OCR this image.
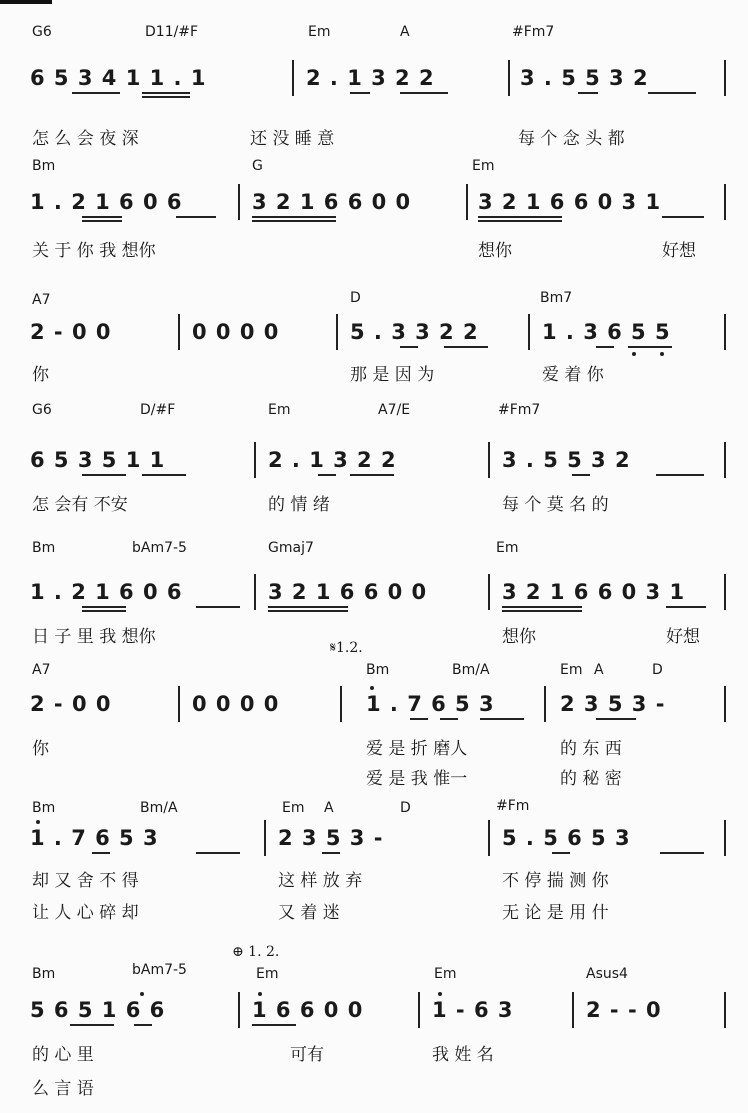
G6	D11/#F	Em	A	#Fm7
6 5 3 4 1 1 . 1	2 . 1 3 2 2	3 . 5 5 3 2
怎 么 会 夜 深	还 没 睡 意	每 个 念 头 都
Bm	G	Em
1 . 2 1 6 0 6	3 2 1 6 6 0 0	3 2 1 6 6 0 3 1
关 于 你 我 想你	想你	好想
A7	D	Bm7
2 - 0 0	0 0 0 0	5 . 3 3 2 2	1 . 3 6 5 5
你	那 是 因 为	爱 着 你
G6	D/#F	Em	A7/E	#Fm7
6 5 3 5 1 1	2 . 1 3 2 2	3 . 5 5 3 2
怎 会有 不安	的 情 绪	每 个 莫 名 的
Bm	bAm7-5	Gmaj7	Em
1 . 2 1 6 0 6	3 2 1 6 6 0 0	3 2 1 6 6 0 3 1
日 子 里 我 想你	想你	好想
𝄋1.2.
A7	Bm	Bm/A	Em A	D
2 - 0 0	0 0 0 0	1 . 7 6 5 3	2 3 5 3 -
你	爱 是 折 磨人	的 东 西
爱 是 我 惟一	的 秘 密
Bm	Bm/A	Em A	D	#Fm
1 . 7 6 5 3	2 3 5 3 -	5 . 5 6 5 3
却 又 舍 不 得	这 样 放 弃	不 停 揣 测 你
让 人 心 碎 却	又 着 迷	无 论 是 用 什
⊕ 1. 2.
Bm	bAm7-5	Em	Em	Asus4
5 6 5 1 6 6	1 6 6 0 0	1 - 6 3	2 - - 0
的 心 里	可有	我 姓 名
么 言 语
